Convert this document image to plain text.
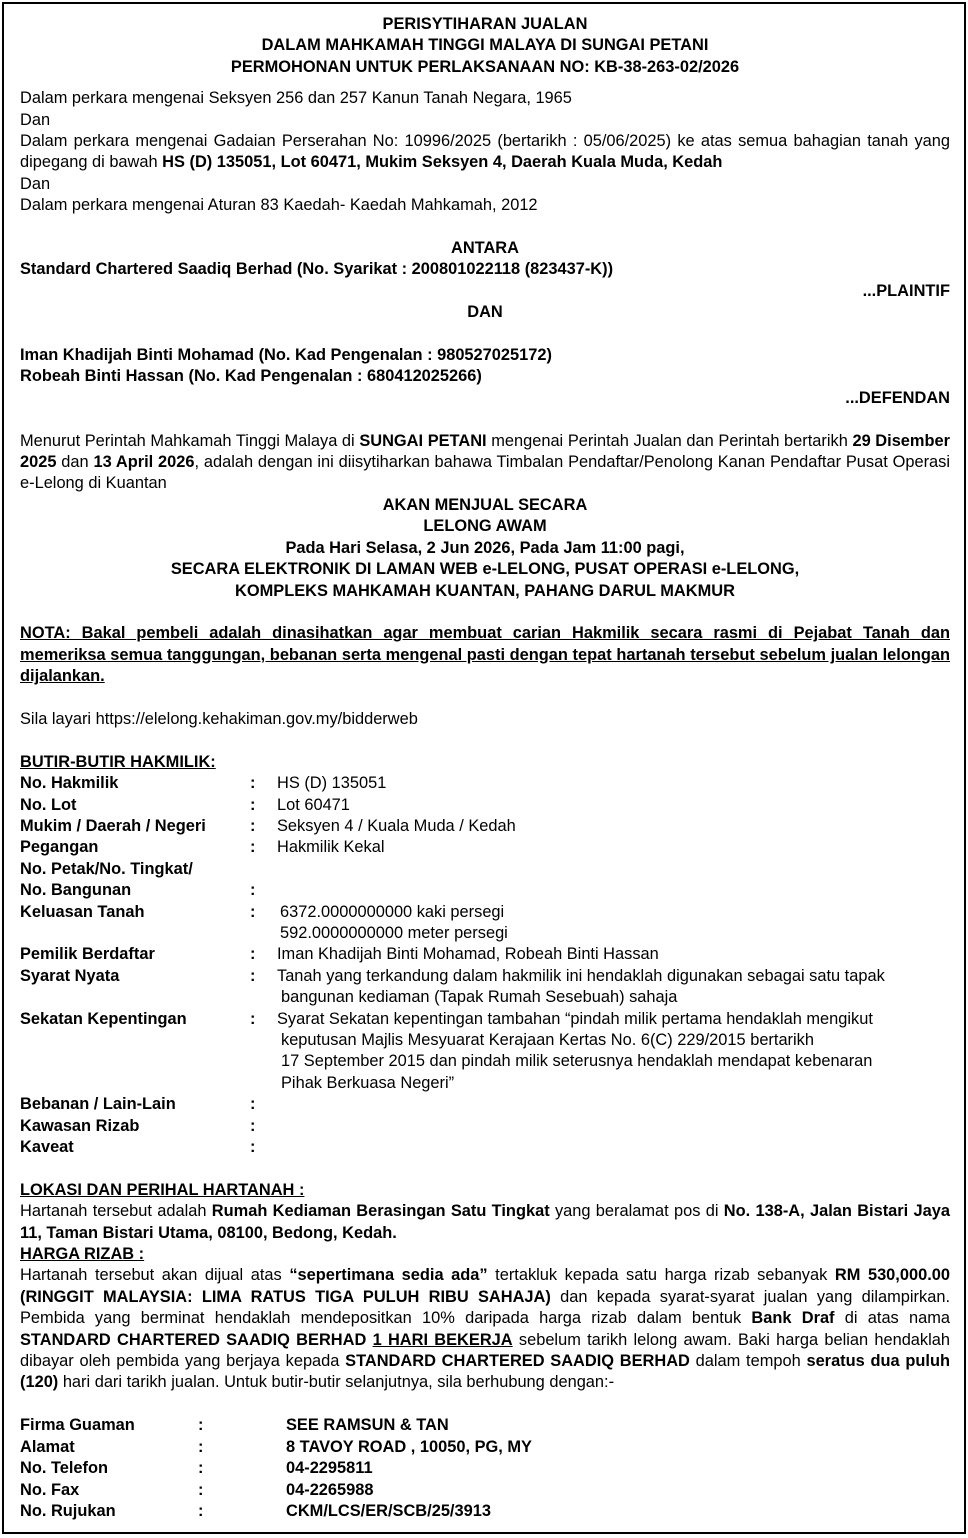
PERISYTIHARAN JUALAN
DALAM MAHKAMAH TINGGI MALAYA DI SUNGAI PETANI
PERMOHONAN UNTUK PERLAKSANAAN NO: KB-38-263-02/2026
Dalam perkara mengenai Seksyen 256 dan 257 Kanun Tanah Negara, 1965
Dan
Dalam perkara mengenai Gadaian Perserahan No: 10996/2025 (bertarikh : 05/06/2025) ke atas semua bahagian tanah yang dipegang di bawah HS (D) 135051, Lot 60471, Mukim Seksyen 4, Daerah Kuala Muda, Kedah
Dan
Dalam perkara mengenai Aturan 83 Kaedah- Kaedah Mahkamah, 2012
ANTARA
Standard Chartered Saadiq Berhad (No. Syarikat : 200801022118 (823437-K))
...PLAINTIF
DAN
Iman Khadijah Binti Mohamad (No. Kad Pengenalan : 980527025172)
Robeah Binti Hassan (No. Kad Pengenalan : 680412025266)
...DEFENDAN
Menurut Perintah Mahkamah Tinggi Malaya di SUNGAI PETANI mengenai Perintah Jualan dan Perintah bertarikh 29 Disember 2025 dan 13 April 2026, adalah dengan ini diisytiharkan bahawa Timbalan Pendaftar/Penolong Kanan Pendaftar Pusat Operasi e-Lelong di Kuantan
AKAN MENJUAL SECARA
LELONG AWAM
Pada Hari Selasa, 2 Jun 2026, Pada Jam 11:00 pagi,
SECARA ELEKTRONIK DI LAMAN WEB e-LELONG, PUSAT OPERASI e-LELONG,
KOMPLEKS MAHKAMAH KUANTAN, PAHANG DARUL MAKMUR
NOTA: Bakal pembeli adalah dinasihatkan agar membuat carian Hakmilik secara rasmi di Pejabat Tanah dan memeriksa semua tanggungan, bebanan serta mengenal pasti dengan tepat hartanah tersebut sebelum jualan lelongan dijalankan.
Sila layari https://elelong.kehakiman.gov.my/bidderweb
BUTIR-BUTIR HAKMILIK:
No. Hakmilik	:	HS (D) 135051
No. Lot	:	Lot 60471
Mukim / Daerah / Negeri	:	Seksyen 4 / Kuala Muda / Kedah
Pegangan	:	Hakmilik Kekal
No. Petak/No. Tingkat/		
No. Bangunan	:	
Keluasan Tanah	:	6372.0000000000 kaki persegi
592.0000000000 meter persegi

Pemilik Berdaftar	:	Iman Khadijah Binti Mohamad, Robeah Binti Hassan
Syarat Nyata	:	Tanah yang terkandung dalam hakmilik ini hendaklah digunakan sebagai satu tapak
bangunan kediaman (Tapak Rumah Sesebuah) sahaja

Sekatan Kepentingan	:	Syarat Sekatan kepentingan tambahan “pindah milik pertama hendaklah mengikut
keputusan Majlis Mesyuarat Kerajaan Kertas No. 6(C) 229/2015 bertarikh
17 September 2015 dan pindah milik seterusnya hendaklah mendapat kebenaran
Pihak Berkuasa Negeri”

Bebanan / Lain-Lain	:	
Kawasan Rizab	:	
Kaveat	:	
LOKASI DAN PERIHAL HARTANAH :
Hartanah tersebut adalah Rumah Kediaman Berasingan Satu Tingkat yang beralamat pos di No. 138-A, Jalan Bistari Jaya 11, Taman Bistari Utama, 08100, Bedong, Kedah.
HARGA RIZAB :
Hartanah tersebut akan dijual atas “sepertimana sedia ada” tertakluk kepada satu harga rizab sebanyak RM 530,000.00 (RINGGIT MALAYSIA: LIMA RATUS TIGA PULUH RIBU SAHAJA) dan kepada syarat-syarat jualan yang dilampirkan. Pembida yang berminat hendaklah mendepositkan 10% daripada harga rizab dalam bentuk Bank Draf di atas nama STANDARD CHARTERED SAADIQ BERHAD 1 HARI BEKERJA sebelum tarikh lelong awam. Baki harga belian hendaklah dibayar oleh pembida yang berjaya kepada STANDARD CHARTERED SAADIQ BERHAD dalam tempoh seratus dua puluh (120) hari dari tarikh jualan. Untuk butir-butir selanjutnya, sila berhubung dengan:-
Firma Guaman	:	SEE RAMSUN & TAN
Alamat	:	8 TAVOY ROAD , 10050, PG, MY
No. Telefon	:	04-2295811
No. Fax	:	04-2265988
No. Rujukan	:	CKM/LCS/ER/SCB/25/3913
